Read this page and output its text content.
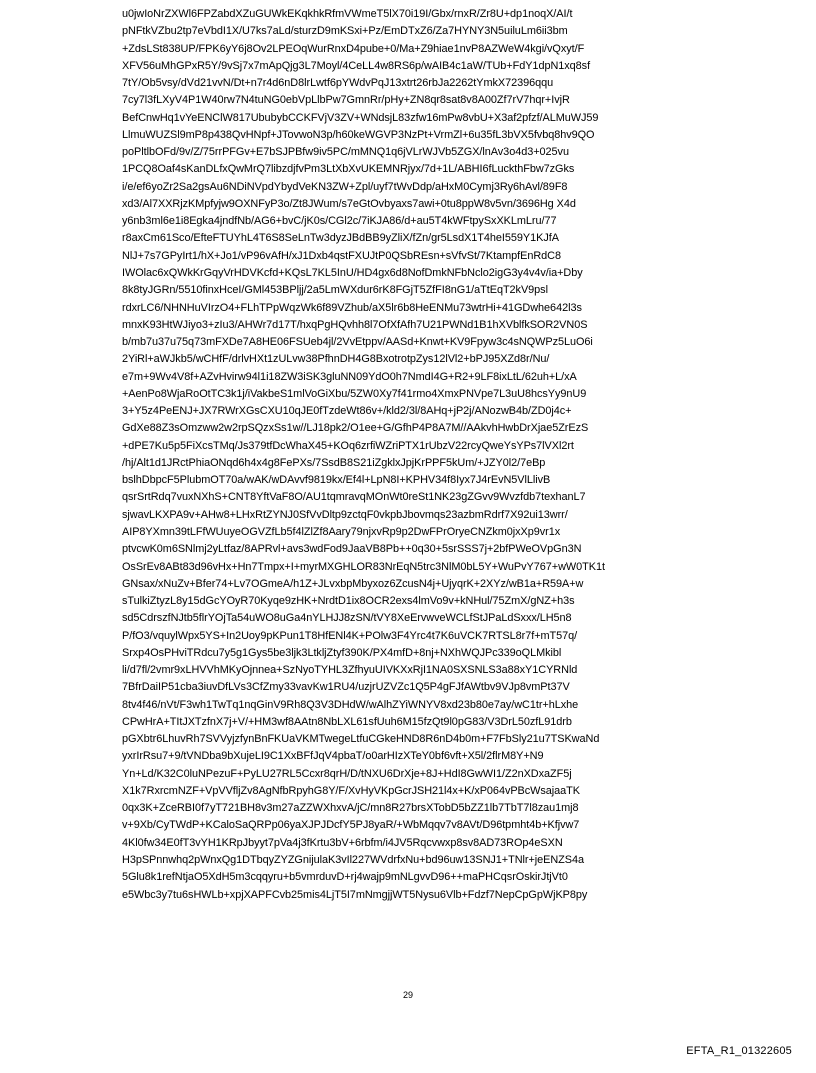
u0jwIoNrZXWl6FPZabdXZuGUWkEKqkhkRfmVWmeT5lX70i19I/Gbx/rnxR/Zr8U+dp1noqX/AI/t
pNFtkVZbu2tp7eVbdI1X/U7ks7aLd/sturzD9mKSxi+Pz/EmDTxZ6/Za7HYNY3N5uiluLm6ii3bm
+ZdsLSt838UP/FPK6yY6j8Ov2LPEOqWurRnxD4pube+0/Ma+Z9hiae1nvP8AZWeW4kgi/vQxyt/F
XFV56uMhGPxR5Y/9vSj7x7mApQjg3L7Moyl/4CeLL4w8RS6p/wAIB4c1aW/TUb+FdY1dpN1xq8sf
7tY/Ob5vsy/dVd21vvN/Dt+n7r4d6nD8lrLwtf6pYWdvPqJ13xtrt26rbJa2262tYmkX72396qqu
7cy7l3fLXyV4P1W40rw7N4tuNG0ebVpLlbPw7GmnRr/pHy+ZN8qr8sat8v8A00Zf7rV7hqr+IvjR
BefCnwHq1vYeENClW817UbubybCCKFVjV3ZV+WNdsjL83zfw16mPw8vbU+X3af2pfzf/ALMuWJ59
LlmuWUZSl9mP8p438QvHNpf+JTovwoN3p/h60keWGVP3NzPt+VrmZl+6u35fL3bVX5fvbq8hv9QO
poPltlbOFd/9v/Z/75rrPFGv+E7bSJPBfw9iv5PC/mMNQ1q6jVLrWJVb5ZGX/lnAv3o4d3+025vu
1PCQ8Oaf4sKanDLfxQwMrQ7libzdjfvPm3LtXbXvUKEMNRjyx/7d+1L/ABHI6fLuckthFbw7zGks
i/e/ef6yoZr2Sa2gsAu6NDiNVpdYbydVeKN3ZW+Zpl/uyf7tWvDdp/aHxM0Cymj3Ry6hAvl/89F8
xd3/Al7XXRjzKMpfyjw9OXNFyP3o/Zt8JWum/s7eGtOvbyaxs7awi+0tu8ppW8v5vn/3696Hg X4d
y6nb3ml6e1i8Egka4jndfNb/AG6+bvC/jK0s/CGl2c/7iKJA86/d+au5T4kWFtpySxXKLmLru/77
r8axCm61Sco/EfteFTUYhL4T6S8SeLnTw3dyzJBdBB9yZliX/fZn/gr5LsdX1T4heI559Y1KJfA
NlJ+7s7GPyIrt1/hX+Jo1/vP96vAfH/xJ1Dxb4qstFXUJtP0QSbREsn+sVfvSt/7KtampfEnRdC8
IWOlac6xQWkKrGqyVrHDVKcfd+KQsL7KL5InU/HD4gx6d8NofDmkNFbNclo2igG3y4v4v/ia+Dby
8k8tyJGRn/5510finxHceI/GMl453BPljj/2a5LmWXdur6rK8FGjT5ZfFI8nG1/aTtEqT2kV9psl
rdxrLC6/NHNHuVIrzO4+FLhTPpWqzWk6f89VZhub/aX5lr6b8HeENMu73wtrHi+41GDwhe642l3s
mnxK93HtWJiyo3+zIu3/AHWr7d17T/hxqPgHQvhh8l7OfXfAfh7U21PWNd1B1hXVblfkSOR2VN0S
b/mb7u37u75q73mFXDe7A8HE06FSUeb4jl/2VvEtppv/AASd+Knwt+KV9Fpyw3c4sNQWPz5LuO6i
2YiRl+aWJkb5/wCHfF/drlvHXt1zULvw38PfhnDH4G8BxotrotpZys12lVl2+bPJ95XZd8r/Nu/
e7m+9Wv4V8f+AZvHvirw94l1i18ZW3iSK3gluNN09YdO0h7NmdI4G+R2+9LF8ixLtL/62uh+L/xA
+AenPo8WjaRoOtTC3k1j/iVakbeS1mlVoGiXbu/5ZW0Xy7f41rmo4XmxPNVpe7L3uU8hcsYy9nU9
3+Y5z4PeENJ+JX7RWrXGsCXU10qJE0fTzdeWt86v+/kld2/3l/8AHq+jP2j/ANozwB4b/ZD0j4c+
GdXe88Z3sOmzww2w2rpSQzxSs1w//LJ18pk2/O1ee+G/GfhP4P8A7M//AAkvhHwbDrXjae5ZrEzS
+dPE7Ku5p5FiXcsTMq/Js379tfDcWhaX45+KOq6zrfiWZriPTX1rUbzV22rcyQweYsYPs7lVXl2rt
/hj/Alt1d1JRctPhiaONqd6h4x4g8FePXs/7SsdB8S21iZgklxJpjKrPPF5kUm/+JZY0l2/7eBp
bslhDbpcF5PlubmOT70a/wAK/wDAvvf9819kx/Ef4l+LpN8I+KPHV34f8Iyx7J4rEvN5VlLlivB
qsrSrtRdq7vuxNXhS+CNT8YftVaF8O/AU1tqmravqMOnWt0reSt1NK23gZGvv9Wvzfdb7texhanL7
sjwavLKXPA9v+AHw8+LHxRtZYNJ0SfVvDltp9zctqF0vkpbJbovmqs23azbmRdrf7X92ui13wrr/
AIP8YXmn39tLFfWUuyeOGVZfLb5f4lZlZf8Aary79njxvRp9p2DwFPrOryeCNZkm0jxXp9vr1x
ptvcwK0m6SNlmj2yLtfaz/8APRvl+avs3wdFod9JaaVB8Pb++0q30+5srSSS7j+2bfPWeOVpGn3N
OsSrEv8ABt83d96vHx+Hn7Tmpx+I+myrMXGHLOR83NrEqN5trc3NlM0bL5Y+WuPvY767+wW0TK1t
GNsax/xNuZv+Bfer74+Lv7OGmeA/h1Z+JLvxbpMbyxoz6ZcusN4j+UjyqrK+2XYz/wB1a+R59A+w
sTulkiZtyzL8y15dGcYOyR70Kyqe9zHK+NrdtD1ix8OCR2exs4lmVo9v+kNHul/75ZmX/gNZ+h3s
sd5CdrszfNJtb5flrYOjTa54uWO8uGa4nYLHJJ8zSN/tVY8XeErvwveWCLfStJPaLdSxxx/LH5n8
P/fO3/vquylWpx5YS+In2Uoy9pKPun1T8HfENl4K+POlw3F4Yrc4t7K6uVCK7RTSL8r7f+mT57q/
Srxp4OsPHviTRdcu7y5g1Gys5be3ljk3LtkljZtyf390K/PX4mfD+8nj+NXhWQJPc339oQLMkibl
li/d7fl/2vmr9xLHVVhMKyOjnnea+SzNyoTYHL3ZfhyuUIVKXxRjI1NA0SXSNLS3a88xY1CYRNld
7BfrDaiIP51cba3iuvDfLVs3CfZmy33vavKw1RU4/uzjrUZVZc1Q5P4gFJfAWtbv9VJp8vmPt37V
8tv4f46/nVt/F3wh1TwTq1nqGinV9Rh8Q3V3DHdW/wAlhZYiWNYV8xd23b80e7ay/wC1tr+hLxhe
CPwHrA+TItJXTzfnX7j+V/+HM3wf8AAtn8NbLXL61sfUuh6M15fzQt9l0pG83/V3DrL50zfL91drb
pGXbtr6LhuvRh7SVVyjzfynBnFKUaVKMTwegeLtfuCGkeHND8R6nD4b0m+F7FbSly21u7TSKwaNd
yxrIrRsu7+9/tVNDba9bXujeLI9C1XxBFfJqV4pbaT/o0arHIzXTeY0bf6vft+X5l/2flrM8Y+N9
Yn+Ld/K32C0luNPezuF+PyLU27RL5Ccxr8qrH/D/tNXU6DrXje+8J+HdI8GwWI1/Z2nXDxaZF5j
X1k7RxrcmNZF+VpVVfljZv8AgNfbRpyhG8Y/F/XvHyVKpGcrJSH21l4x+K/xP064vPBcWsajaaTK
0qx3K+ZceRBI0f7yT721BH8v3m27aZZWXhxvA/jC/mn8R27brsXTobD5bZZ1lb7TbT7l8zau1mj8
v+9Xb/CyTWdP+KCaloSaQRPp06yaXJPJDcfY5PJ8yaR/+WbMqqv7v8AVt/D96tpmht4b+Kfjvw7
4Kl0fw34E0fT3vYH1KRpJbyyt7pVa4j3fKrtu3bV+6rbfm/i4JV5Rqcvwxp8sv8AD73ROp4eSXN
H3pSPnnwhq2pWnxQg1DTbqyZYZGnijulaK3vIl227WVdrfxNu+bd96uw13SNJ1+TNlr+jeENZS4a
5Glu8k1refNtjaO5XdH5m3cqqyru+b5vmrduvD+rj4wajp9mNLgvvD96++maPHCqsrOskirJtjVt0
e5Wbc3y7tu6sHWLb+xpjXAPFCvb25mis4LjT5I7mNmgjjWT5Nysu6Vlb+Fdzf7NepCpGpWjKP8py
29
EFTA_R1_01322605
